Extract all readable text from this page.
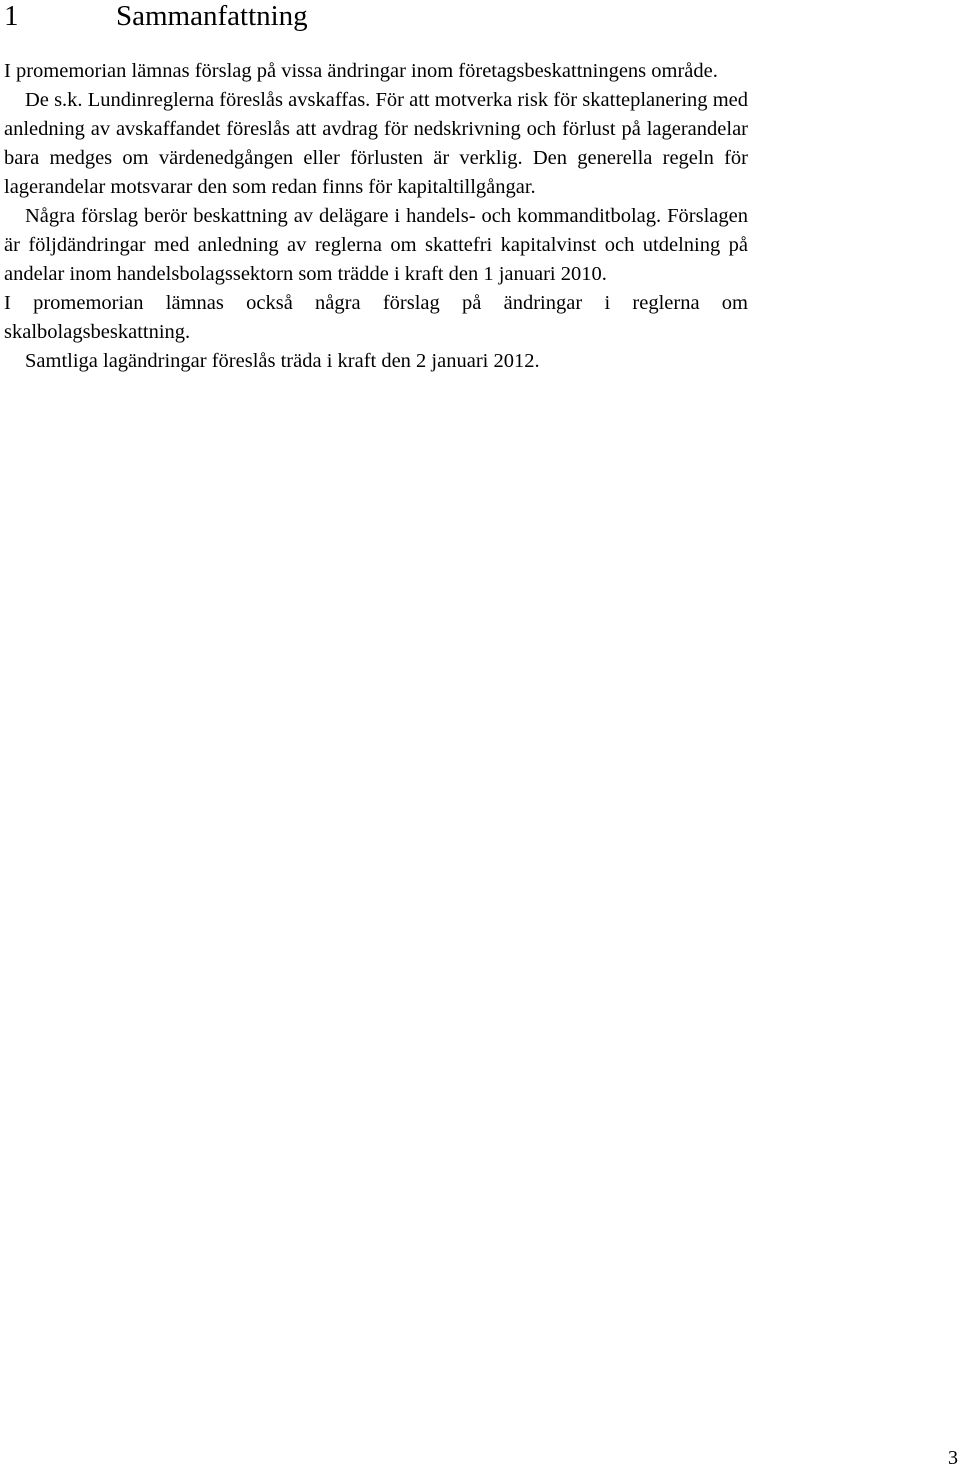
1	Sammanfattning

I promemorian lämnas förslag på vissa ändringar inom företagsbeskattningens område.

De s.k. Lundinreglerna föreslås avskaffas. För att motverka risk för skatteplanering med anledning av avskaffandet föreslås att avdrag för nedskrivning och förlust på lagerandelar bara medges om värdenedgången eller förlusten är verklig. Den generella regeln för lagerandelar motsvarar den som redan finns för kapitaltillgångar.

Några förslag berör beskattning av delägare i handels- och kommanditbolag. Förslagen är följdändringar med anledning av reglerna om skattefri kapitalvinst och utdelning på andelar inom handelsbolagssektorn som trädde i kraft den 1 januari 2010.

I promemorian lämnas också några förslag på ändringar i reglerna om skalbolagsbeskattning.

Samtliga lagändringar föreslås träda i kraft den 2 januari 2012.

3
